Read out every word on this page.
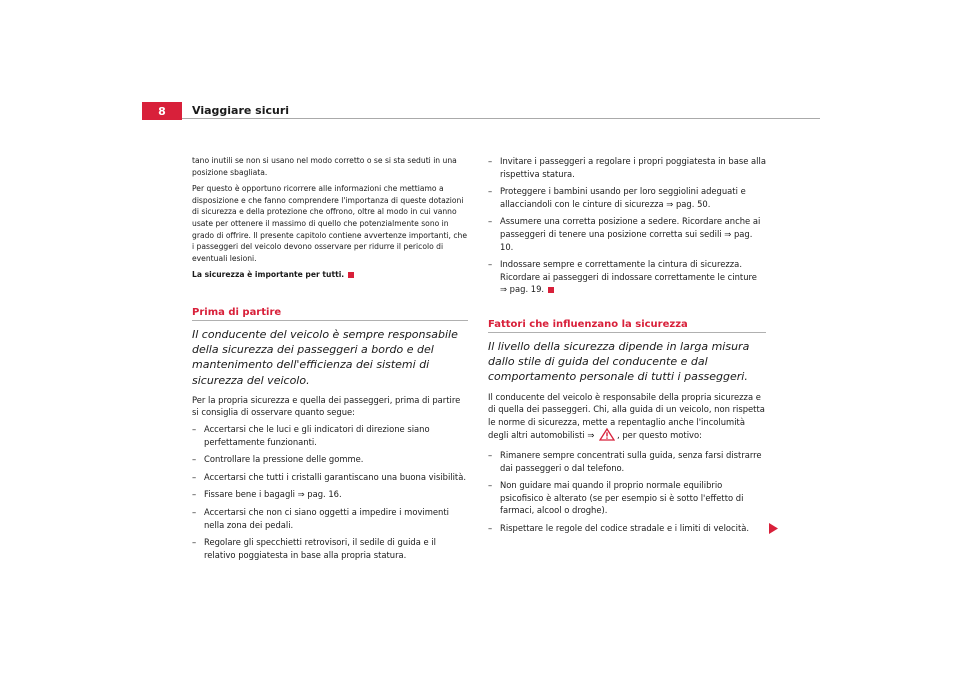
8	Viaggiare sicuri

tano inutili se non si usano nel modo corretto o se si sta seduti in una posizione sbagliata.

Per questo è opportuno ricorrere alle informazioni che mettiamo a disposizione e che fanno comprendere l'importanza di queste dotazioni di sicurezza e della protezione che offrono, oltre al modo in cui vanno usate per ottenere il massimo di quello che potenzialmente sono in grado di offrire. Il presente capitolo contiene avvertenze importanti, che i passeggeri del veicolo devono osservare per ridurre il pericolo di eventuali lesioni.

La sicurezza è importante per tutti.

Prima di partire

Il conducente del veicolo è sempre responsabile della sicurezza dei passeggeri a bordo e del mantenimento dell'efficienza dei sistemi di sicurezza del veicolo.

Per la propria sicurezza e quella dei passeggeri, prima di partire si consiglia di osservare quanto segue:

– Accertarsi che le luci e gli indicatori di direzione siano perfettamente funzionanti.
– Controllare la pressione delle gomme.
– Accertarsi che tutti i cristalli garantiscano una buona visibilità.
– Fissare bene i bagagli ⇒ pag. 16.
– Accertarsi che non ci siano oggetti a impedire i movimenti nella zona dei pedali.
– Regolare gli specchietti retrovisori, il sedile di guida e il relativo poggiatesta in base alla propria statura.
– Invitare i passeggeri a regolare i propri poggiatesta in base alla rispettiva statura.
– Proteggere i bambini usando per loro seggiolini adeguati e allacciandoli con le cinture di sicurezza ⇒ pag. 50.
– Assumere una corretta posizione a sedere. Ricordare anche ai passeggeri di tenere una posizione corretta sui sedili ⇒ pag. 10.
– Indossare sempre e correttamente la cintura di sicurezza. Ricordare ai passeggeri di indossare correttamente le cinture ⇒ pag. 19.
Fattori che influenzano la sicurezza

Il livello della sicurezza dipende in larga misura dallo stile di guida del conducente e dal comportamento personale di tutti i passeggeri.

Il conducente del veicolo è responsabile della propria sicurezza e di quella dei passeggeri. Chi, alla guida di un veicolo, non rispetta le norme di sicurezza, mette a repentaglio anche l'incolumità degli altri automobilisti ⇒	, per questo motivo:

– Rimanere sempre concentrati sulla guida, senza farsi distrarre dai passeggeri o dal telefono.
– Non guidare mai quando il proprio normale equilibrio psicofisico è alterato (se per esempio si è sotto l'effetto di farmaci, alcool o droghe).
– Rispettare le regole del codice stradale e i limiti di velocità.
